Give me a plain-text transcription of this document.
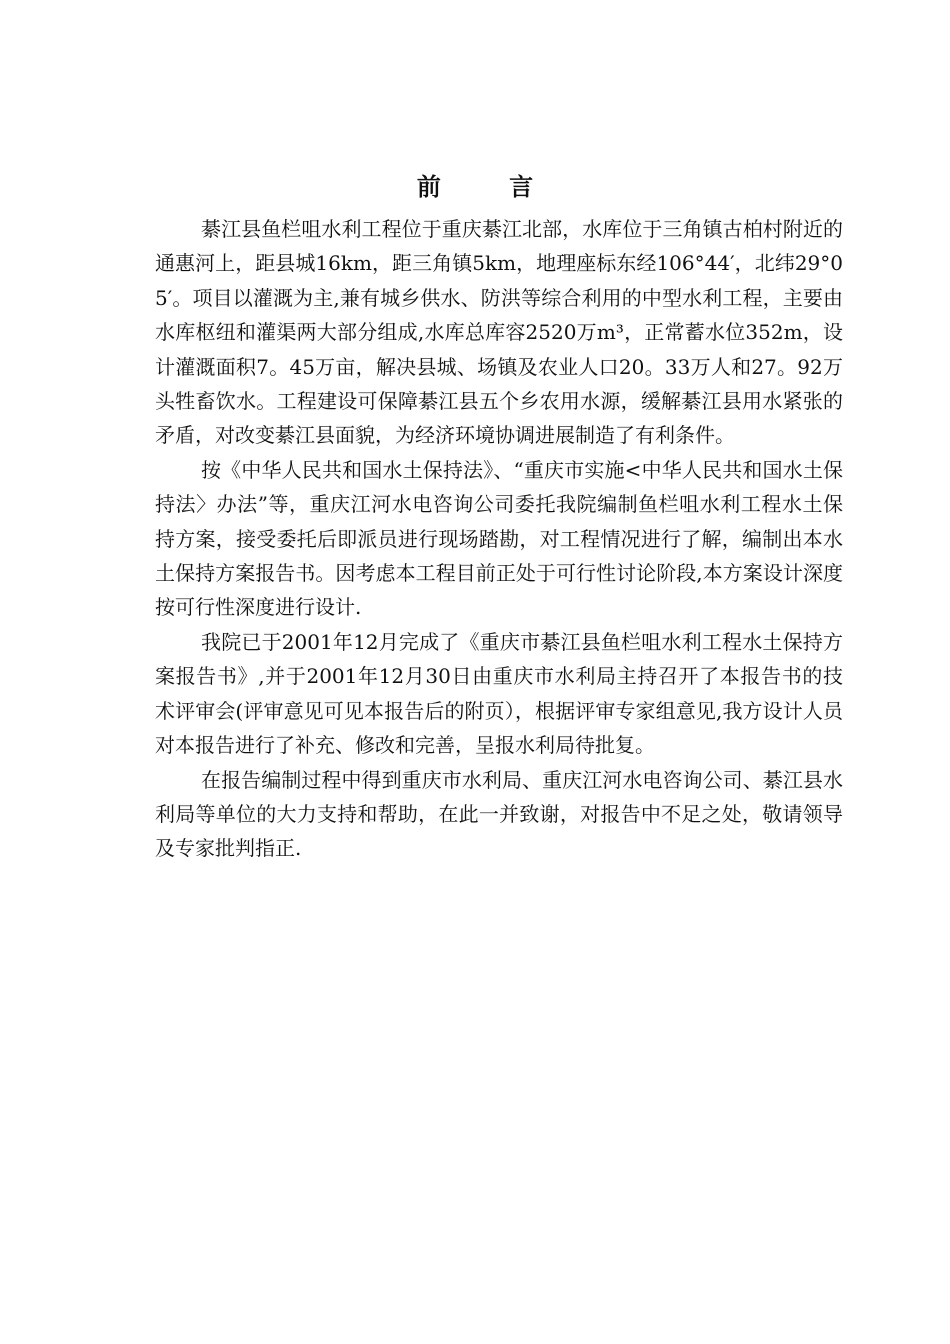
前 言

綦江县鱼栏咀水利工程位于重庆綦江北部，水库位于三角镇古柏村附近的通惠河上，距县城16km，距三角镇5km，地理座标东经106°44′，北纬29°05′。项目以灌溉为主,兼有城乡供水、防洪等综合利用的中型水利工程，主要由水库枢纽和灌渠两大部分组成,水库总库容2520万m³，正常蓄水位352m，设计灌溉面积7。45万亩，解决县城、场镇及农业人口20。33万人和27。92万头牲畜饮水。工程建设可保障綦江县五个乡农用水源，缓解綦江县用水紧张的矛盾，对改变綦江县面貌，为经济环境协调进展制造了有利条件。

按《中华人民共和国水土保持法》、“重庆市实施<中华人民共和国水土保持法〉办法”等，重庆江河水电咨询公司委托我院编制鱼栏咀水利工程水土保持方案，接受委托后即派员进行现场踏勘，对工程情况进行了解，编制出本水土保持方案报告书。因考虑本工程目前正处于可行性讨论阶段,本方案设计深度按可行性深度进行设计.

我院已于2001年12月完成了《重庆市綦江县鱼栏咀水利工程水土保持方案报告书》,并于2001年12月30日由重庆市水利局主持召开了本报告书的技术评审会(评审意见可见本报告后的附页），根据评审专家组意见,我方设计人员对本报告进行了补充、修改和完善，呈报水利局待批复。

在报告编制过程中得到重庆市水利局、重庆江河水电咨询公司、綦江县水利局等单位的大力支持和帮助，在此一并致谢，对报告中不足之处，敬请领导及专家批判指正.
